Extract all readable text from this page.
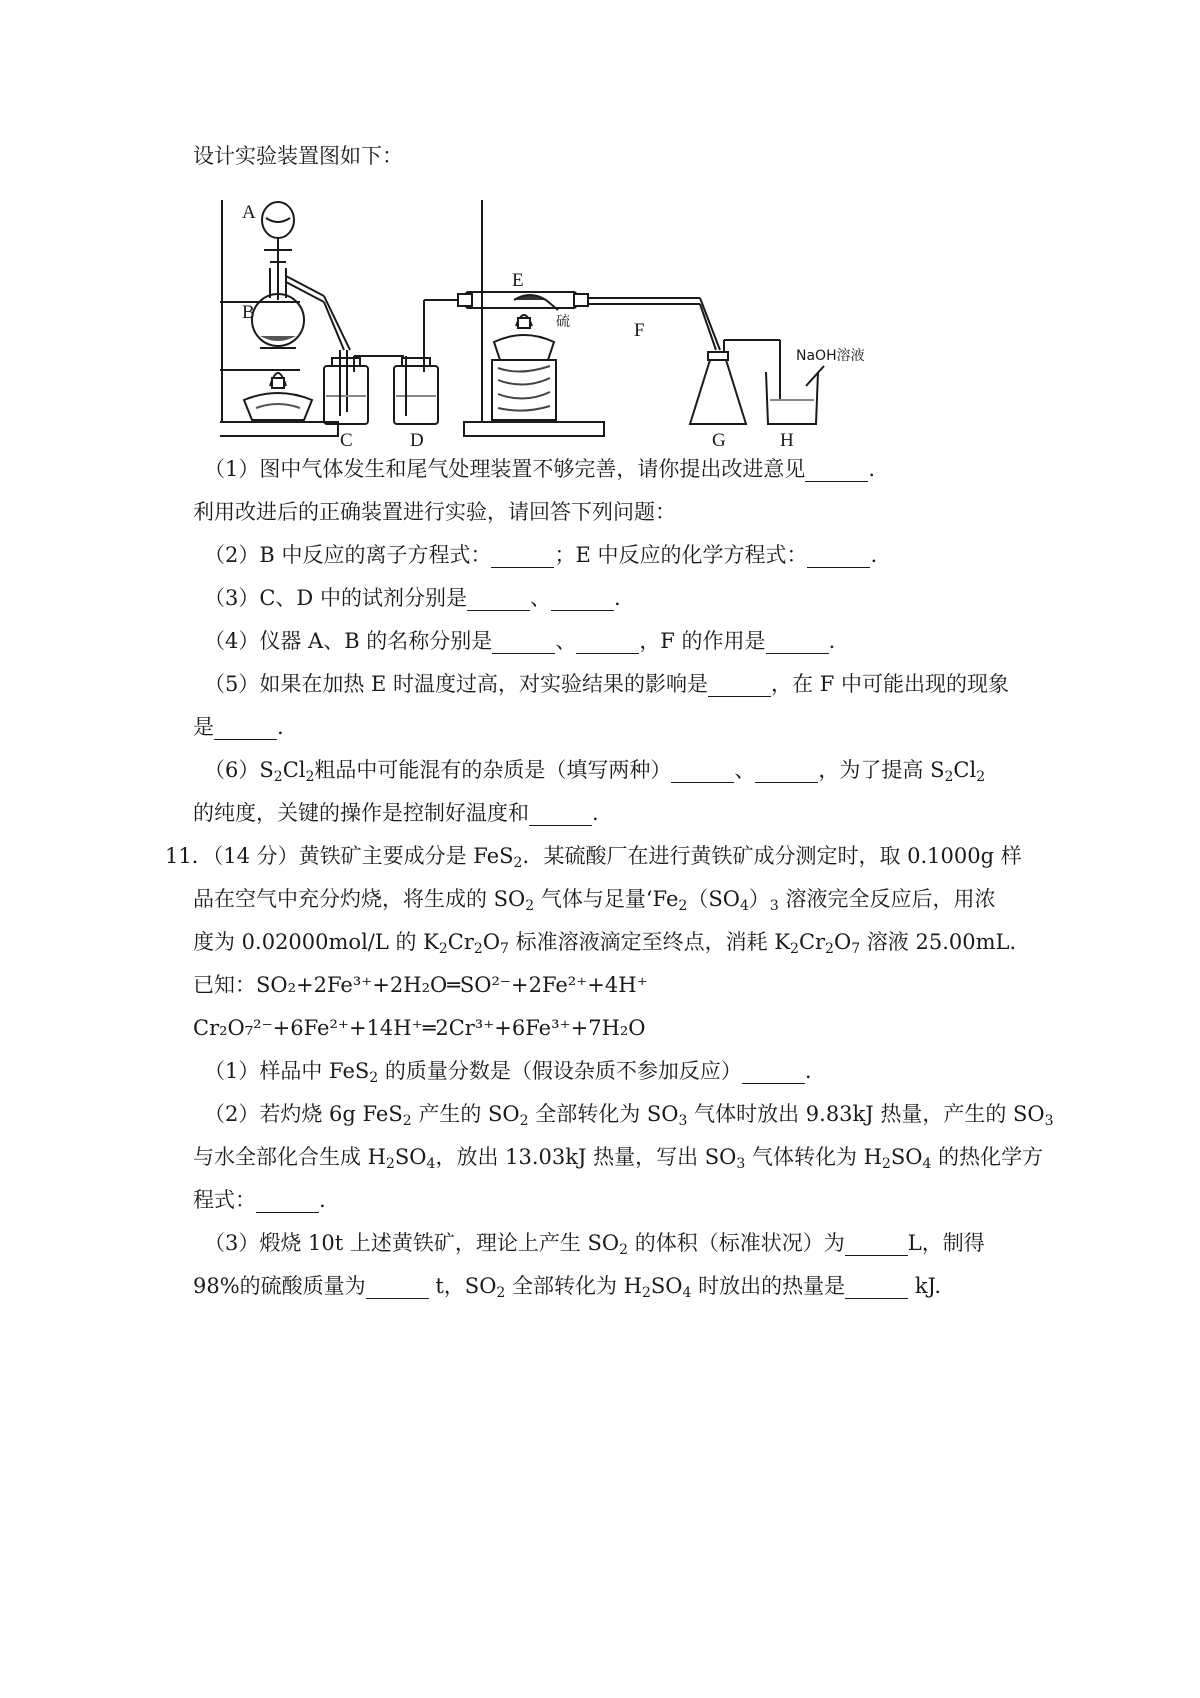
设计实验装置图如下：
A
B
C	D
E
F
G	H
硫
NaOH溶液
（1）图中气体发生和尾气处理装置不够完善，请你提出改进意见   	.
利用改进后的正确装置进行实验，请回答下列问题：
（2）B 中反应的离子方程式：   	；E 中反应的化学方程式：   	.
（3）C、D 中的试剂分别是   	、   	.
（4）仪器 A、B 的名称分别是   	、   	，F 的作用是   	.
（5）如果在加热 E 时温度过高，对实验结果的影响是   	，在 F 中可能出现的现象
是   	.
$(6)S_2Cl_2$粗品中可能混有的杂质是（填写两种）   	、   	，为了提高 $S_2Cl_2$
的纯度，关键的操作是控制好温度和   	.
11．（14 分）黄铁矿主要成分是 FeS$_2$．某硫酸厂在进行黄铁矿成分测定时，取 0.1000g 样
品在空气中充分灼烧，将生成的 $SO_2$ 气体与足量‘$Fe_2(SO_4)_3$ 溶液完全反应后，用浓
度为 0.02000mol/L 的 $K_2Cr_2O_7$ 标准溶液滴定至终点，消耗 $K_2Cr_2O_7$ 溶液 25.00mL．
已知：SO₂+2Fe³⁺+2H₂O═SO²⁻+2Fe²⁺+4H⁺
Cr₂O₇²⁻+6Fe²⁺+14H⁺═2Cr³⁺+6Fe³⁺+7H₂O
（1）样品中 FeS$_2$ 的质量分数是（假设杂质不参加反应）   	.
（2）若灼烧 6g FeS$_2$ 产生的 $SO_2$ 全部转化为 $SO_3$ 气体时放出 9.83kJ 热量，产生的 $SO_3$
与水全部化合生成 $H_2SO_4$，放出 13.03kJ 热量，写出 $SO_3$ 气体转化为 $H_2SO_4$ 的热化学方
程式：   	.
（3）煅烧 10t 上述黄铁矿，理论上产生 $SO_2$ 的体积（标准状况）为   	L，制得
98%的硫酸质量为   	t，$SO_2$ 全部转化为 $H_2SO_4$ 时放出的热量是   	kJ.
